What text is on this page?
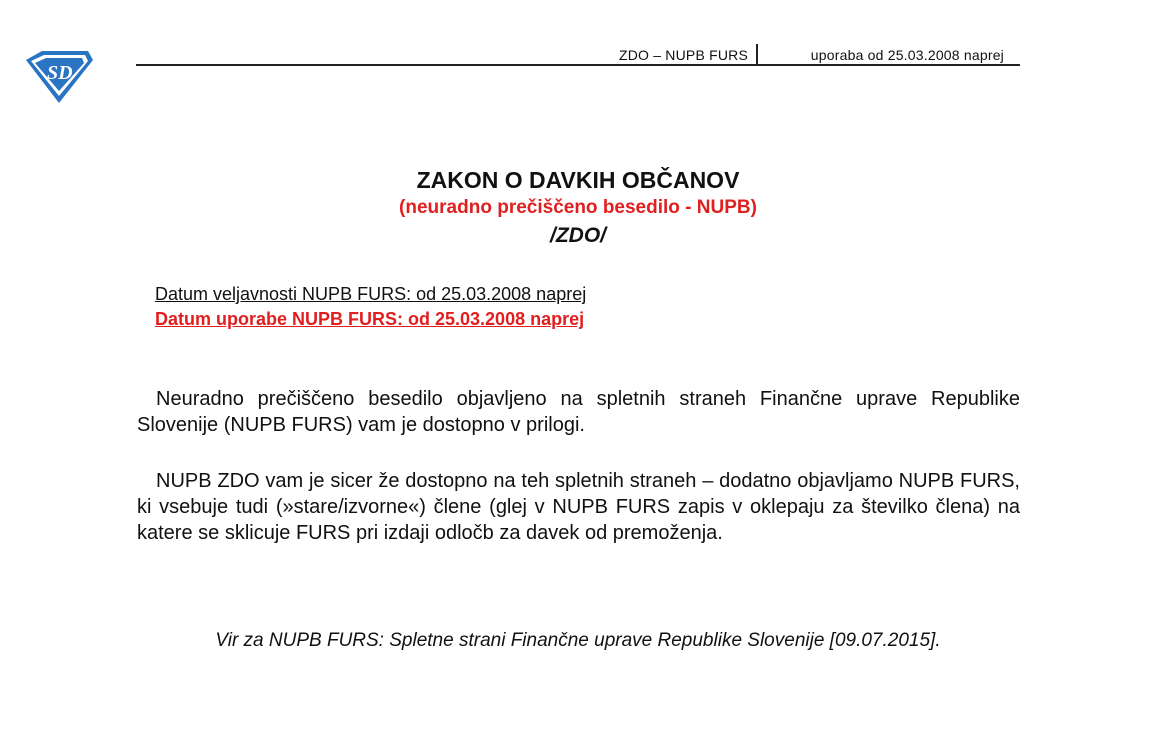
SD
ZDO – NUPB FURS	uporaba od 25.03.2008 naprej
ZAKON O DAVKIH OBČANOV
(neuradno prečiščeno besedilo - NUPB)
/ZDO/
Datum veljavnosti NUPB FURS: od 25.03.2008 naprej
Datum uporabe NUPB FURS: od 25.03.2008 naprej

Neuradno prečiščeno besedilo objavljeno na spletnih straneh Finančne uprave Republike Slovenije (NUPB FURS) vam je dostopno v prilogi.

NUPB ZDO vam je sicer že dostopno na teh spletnih straneh – dodatno objavljamo NUPB FURS, ki vsebuje tudi (»stare/izvorne«) člene (glej v NUPB FURS zapis v oklepaju za številko člena) na katere se sklicuje FURS pri izdaji odločb za davek od premoženja.

Vir za NUPB FURS: Spletne strani Finančne uprave Republike Slovenije [09.07.2015].
